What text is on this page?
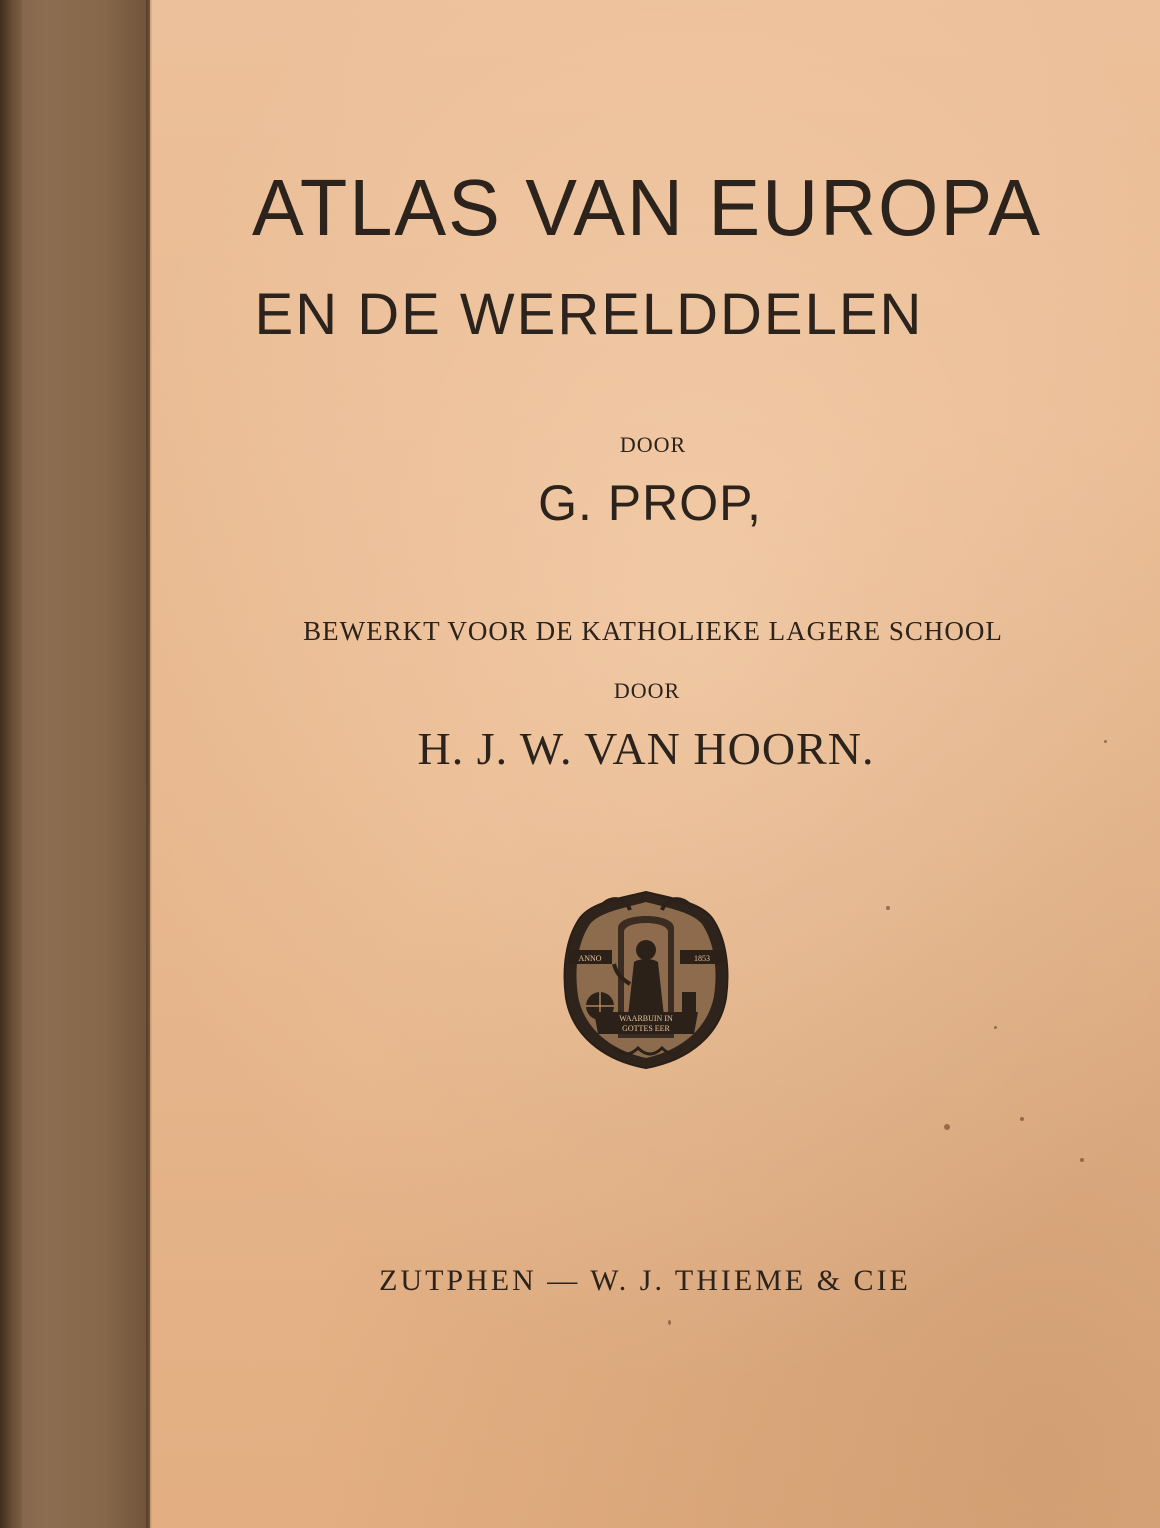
ATLAS VAN EUROPA
EN DE WERELDDELEN
DOOR
G. PROP,
BEWERKT VOOR DE KATHOLIEKE LAGERE SCHOOL
DOOR
H. J. W. VAN HOORN.
ANNO	1853
WAARBUIN IN
GOTTES EER
ZUTPHEN — W. J. THIEME & CIE
